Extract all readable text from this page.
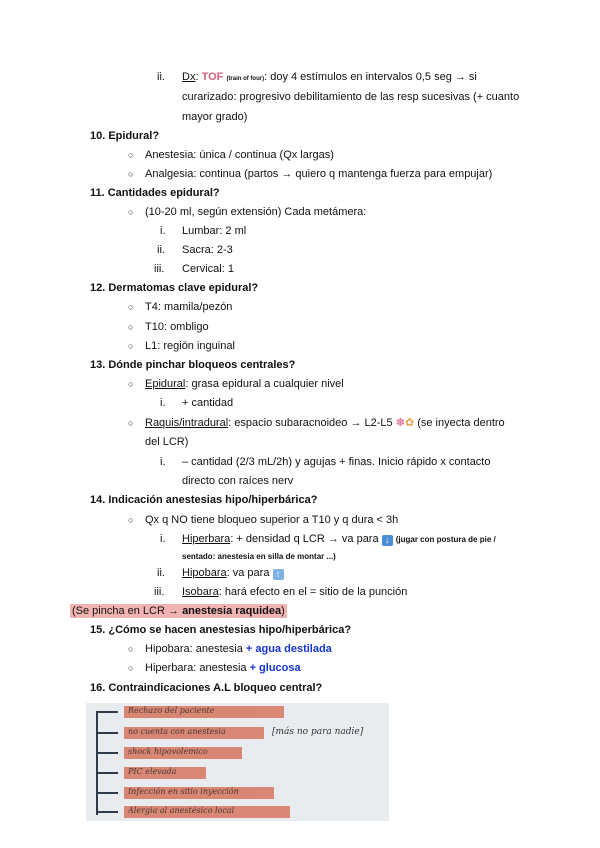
ii. Dx: TOF (train of four): doy 4 estímulos en intervalos 0,5 seg → si
curarizado: progresivo debilitamiento de las resp sucesivas (+ cuanto
mayor grado)
10. Epidural?
○ Anestesia: única / continua (Qx largas)
○ Analgesia: continua (partos → quiero q mantenga fuerza para empujar)
11. Cantidades epidural?
○ (10-20 ml, según extensión) Cada metámera:
i. Lumbar: 2 ml
ii. Sacra: 2-3
iii. Cervical: 1
12. Dermatomas clave epidural?
○ T4: mamila/pezón
○ T10: ombligo
○ L1: región inguinal
13. Dónde pinchar bloqueos centrales?
○ Epidural: grasa epidural a cualquier nivel
i. + cantidad
○ Raquis/intradural: espacio subaracnoideo → L2-L5 ✽✿ (se inyecta dentro
del LCR)
i. – cantidad (2/3 mL/2h) y agujas + finas. Inicio rápido x contacto
directo con raíces nerv
14. Indicación anestesias hipo/hiperbárica?
○ Qx q NO tiene bloqueo superior a T10 y q dura < 3h
i. Hiperbara: + densidad q LCR → va para ↓ (jugar con postura de pie /
sentado: anestesia en silla de montar ...)
ii. Hipobara: va para ↑
iii. Isobara: hará efecto en el = sitio de la punción
(Se pincha en LCR → anestesia raquidea)
15. ¿Cómo se hacen anestesias hipo/hiperbárica?
○ Hipobara: anestesia + agua destilada
○ Hiperbara: anestesia + glucosa
16. Contraindicaciones A.L bloqueo central?
Rechazo del paciente
no cuenta con anestesia	[más no para nadie]
shock hipovolemico
PIC elevada
Infección en sitio inyección
Alergia al anestésico local
